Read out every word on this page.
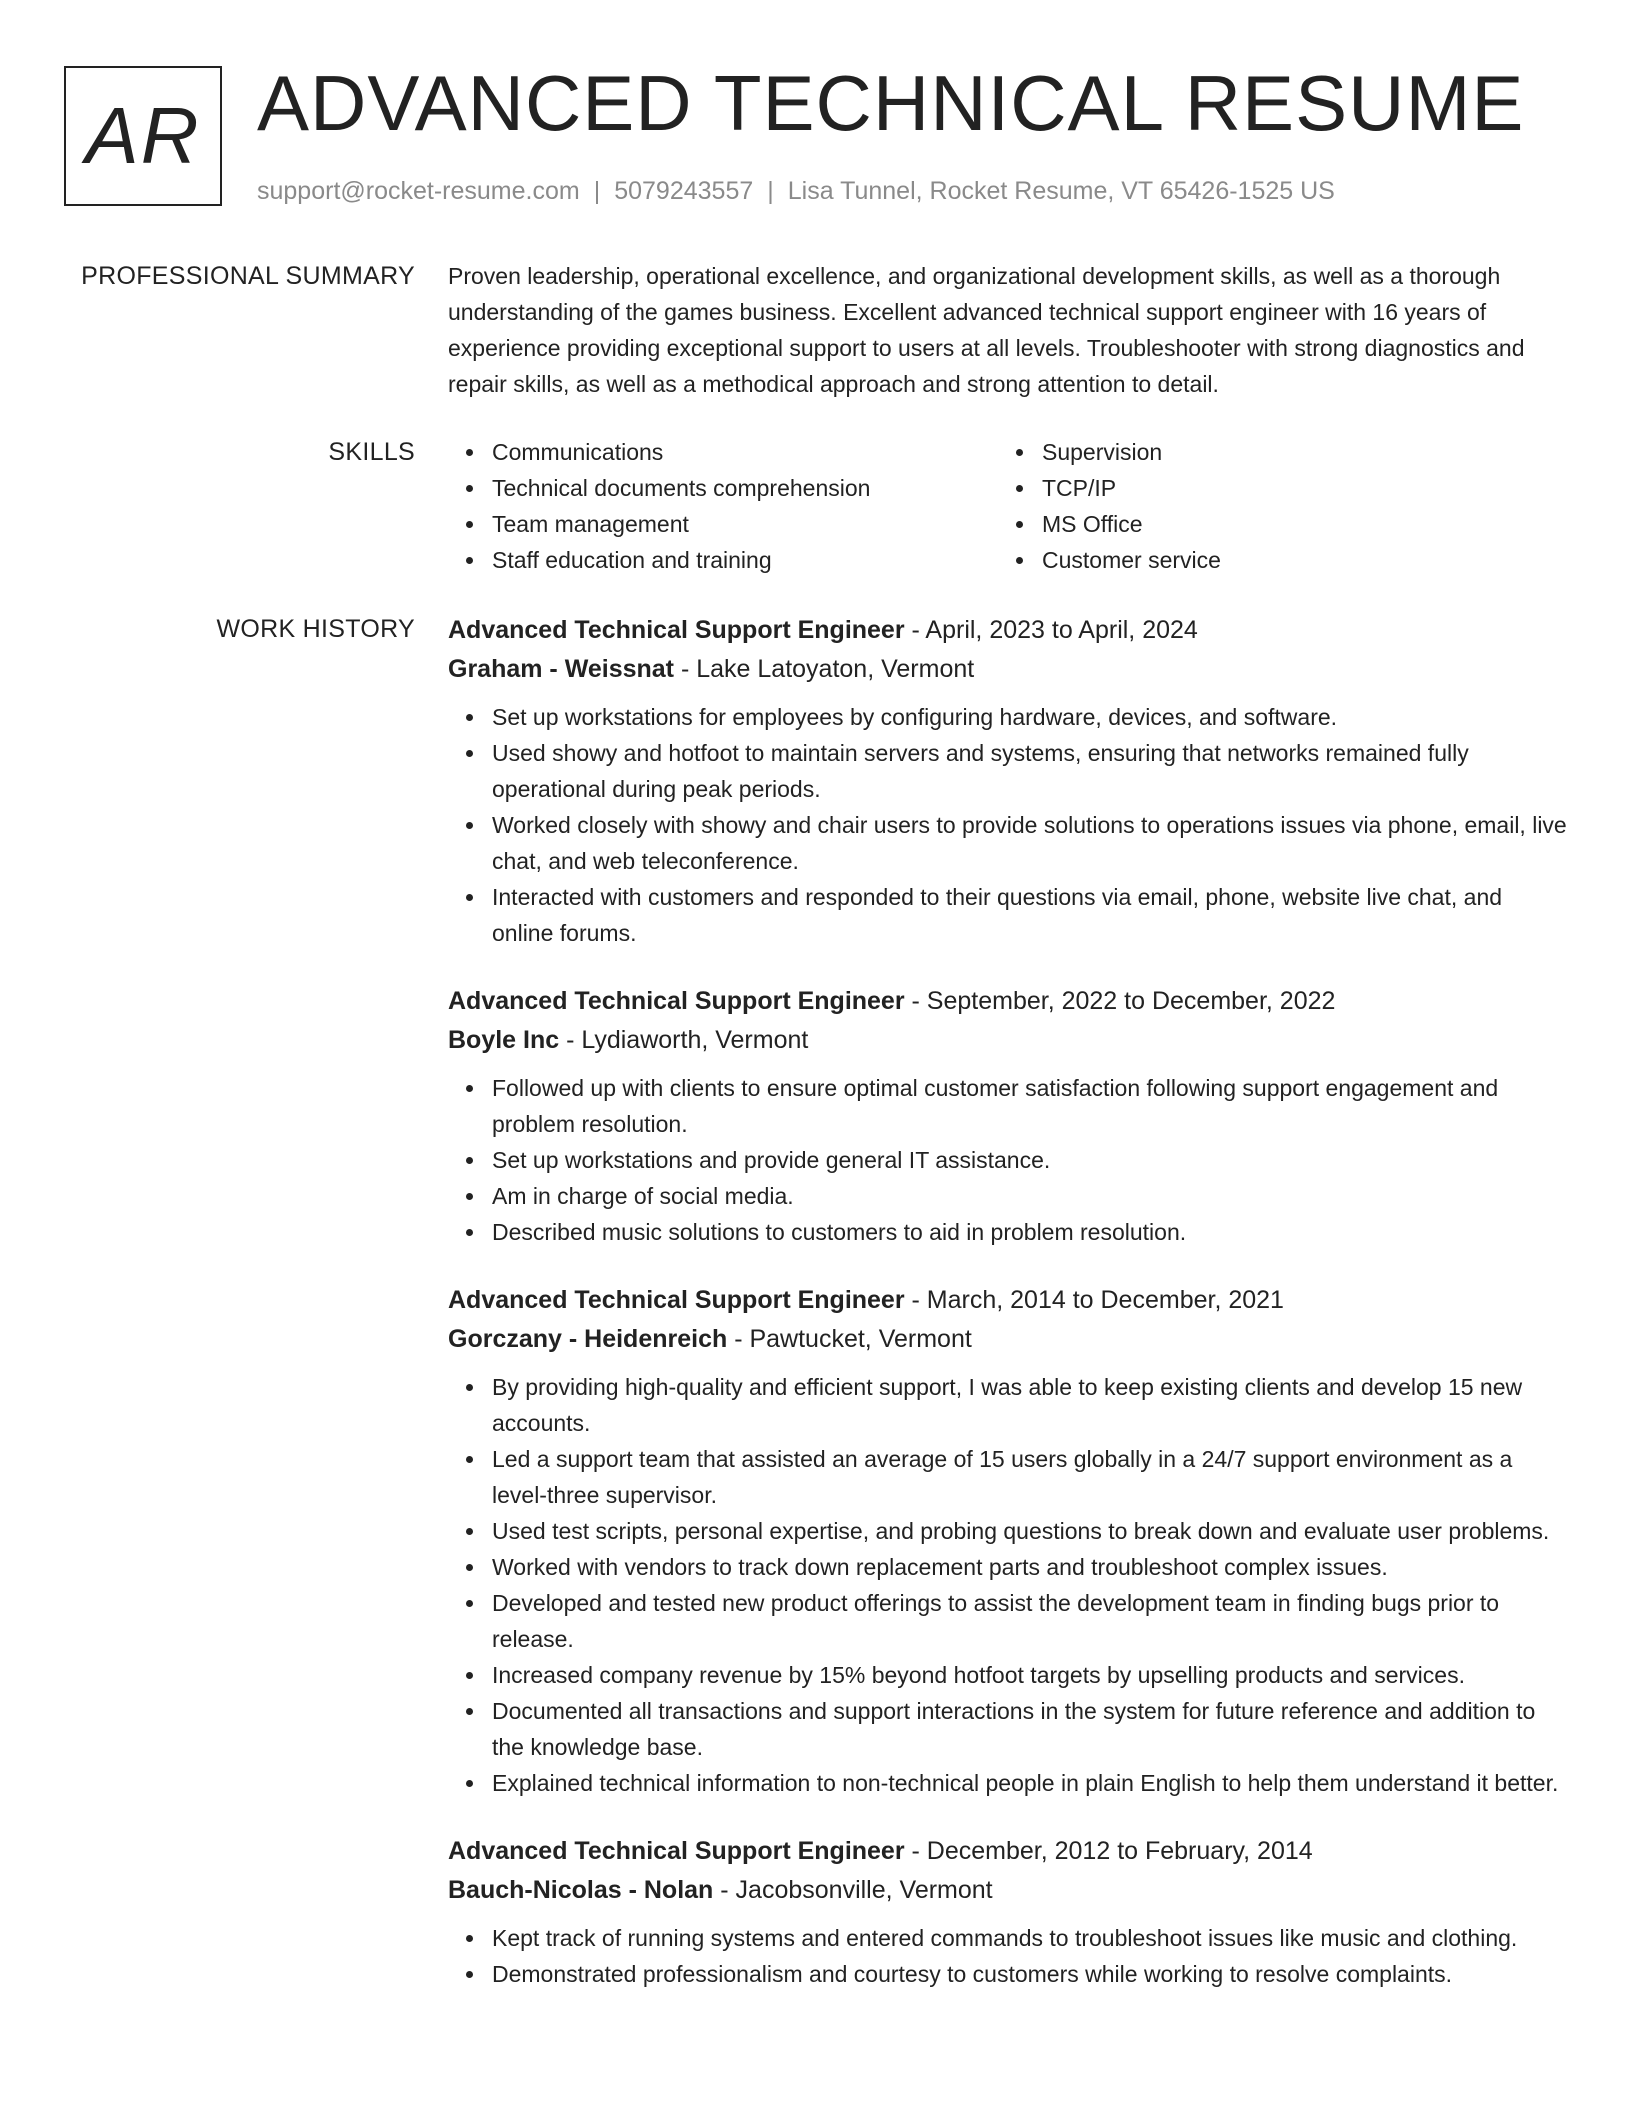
AR ADVANCED TECHNICAL RESUME
support@rocket-resume.com | 5079243557 | Lisa Tunnel, Rocket Resume, VT 65426-1525 US
PROFESSIONAL SUMMARY Proven leadership, operational excellence, and organizational development skills, as well as a thorough understanding of the games business. Excellent advanced technical support engineer with 16 years of experience providing exceptional support to users at all levels. Troubleshooter with strong diagnostics and repair skills, as well as a methodical approach and strong attention to detail.

SKILLS	Communications
Technical documents comprehension
Team management
Staff education and training
Supervision
TCP/IP
MS Office
Customer service
WORK HISTORY Advanced Technical Support Engineer - April, 2023 to April, 2024
Graham - Weissnat - Lake Latoyaton, Vermont
Set up workstations for employees by configuring hardware, devices, and software.
Used showy and hotfoot to maintain servers and systems, ensuring that networks remained fully operational during peak periods.
Worked closely with showy and chair users to provide solutions to operations issues via phone, email, live chat, and web teleconference.
Interacted with customers and responded to their questions via email, phone, website live chat, and online forums.
Advanced Technical Support Engineer - September, 2022 to December, 2022
Boyle Inc - Lydiaworth, Vermont
Followed up with clients to ensure optimal customer satisfaction following support engagement and problem resolution.
Set up workstations and provide general IT assistance.
Am in charge of social media.
Described music solutions to customers to aid in problem resolution.
Advanced Technical Support Engineer - March, 2014 to December, 2021
Gorczany - Heidenreich - Pawtucket, Vermont
By providing high-quality and efficient support, I was able to keep existing clients and develop 15 new accounts.
Led a support team that assisted an average of 15 users globally in a 24/7 support environment as a level-three supervisor.
Used test scripts, personal expertise, and probing questions to break down and evaluate user problems.
Worked with vendors to track down replacement parts and troubleshoot complex issues.
Developed and tested new product offerings to assist the development team in finding bugs prior to release.
Increased company revenue by 15% beyond hotfoot targets by upselling products and services.
Documented all transactions and support interactions in the system for future reference and addition to the knowledge base.
Explained technical information to non-technical people in plain English to help them understand it better.
Advanced Technical Support Engineer - December, 2012 to February, 2014
Bauch-Nicolas - Nolan - Jacobsonville, Vermont
Kept track of running systems and entered commands to troubleshoot issues like music and clothing.
Demonstrated professionalism and courtesy to customers while working to resolve complaints.
